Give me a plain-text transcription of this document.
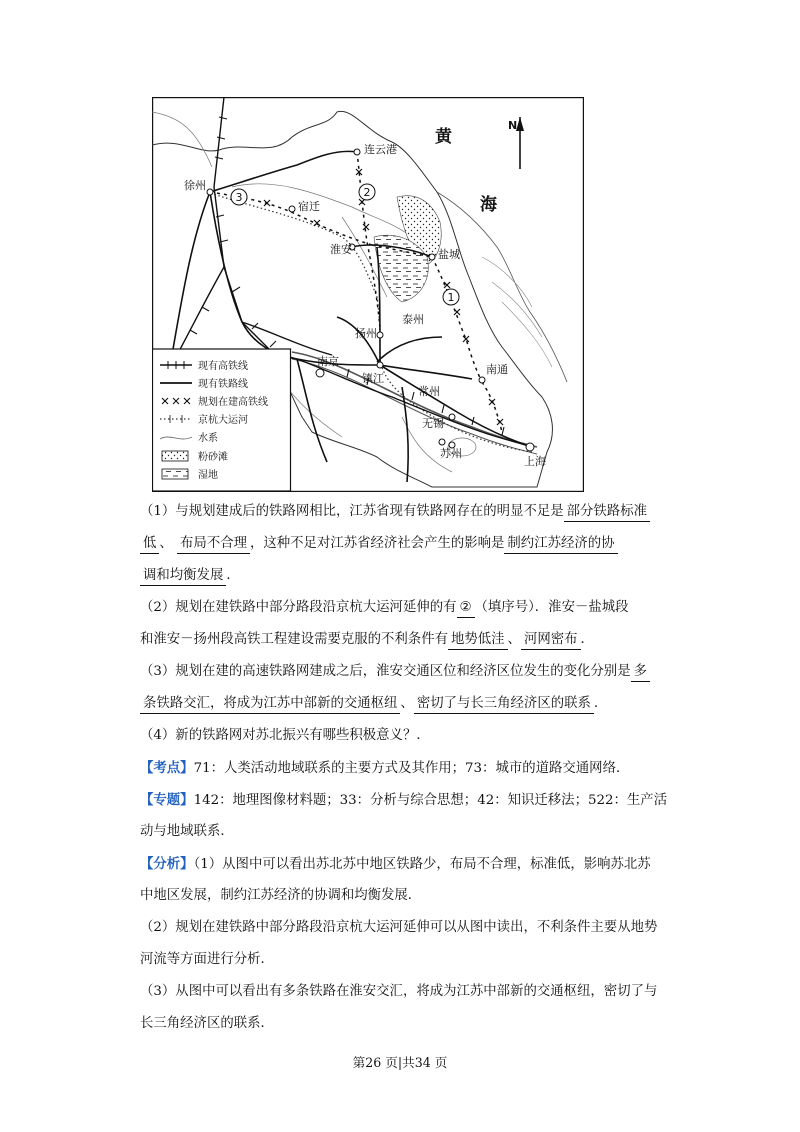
连云港
徐州
宿迁
淮安	盐城
扬州
泰州
南京
镇江
南通
常州
无锡
苏州
上海
黄
海
N
1
2
3
现有高铁线
现有铁路线
规划在建高铁线
京杭大运河
水系
粉砂滩
湿地
（1）与规划建成后的铁路网相比，江苏省现有铁路网存在的明显不足是 部分铁路标准
低 、 布局不合理 ，这种不足对江苏省经济社会产生的影响是 制约江苏经济的协
调和均衡发展 ．
（2）规划在建铁路中部分路段沿京杭大运河延伸的有 ② （填序号）．淮安－盐城段
和淮安－扬州段高铁工程建设需要克服的不利条件有 地势低洼 、 河网密布 ．
（3）规划在建的高速铁路网建成之后，淮安交通区位和经济区位发生的变化分别是 多
条铁路交汇，将成为江苏中部新的交通枢纽 、 密切了与长三角经济区的联系 ．
（4）新的铁路网对苏北振兴有哪些积极意义？．
【考点】71：人类活动地域联系的主要方式及其作用；73：城市的道路交通网络．
【专题】142：地理图像材料题；33：分析与综合思想；42：知识迁移法；522：生产活
动与地域联系．
【分析】（1）从图中可以看出苏北苏中地区铁路少，布局不合理，标准低，影响苏北苏
中地区发展，制约江苏经济的协调和均衡发展．
（2）规划在建铁路中部分路段沿京杭大运河延伸可以从图中读出，不利条件主要从地势
河流等方面进行分析．
（3）从图中可以看出有多条铁路在淮安交汇，将成为江苏中部新的交通枢纽，密切了与
长三角经济区的联系．
第26 页|共34 页
